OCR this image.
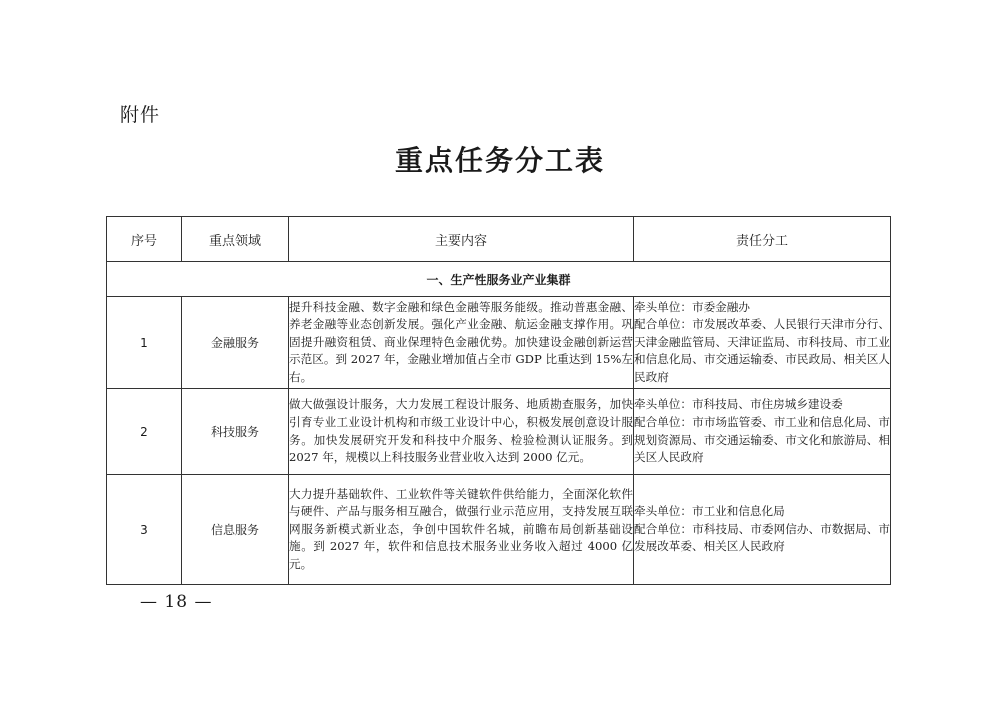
附件
重点任务分工表
序号	重点领域	主要内容	责任分工
一、生产性服务业产业集群			
1	金融服务	提升科技金融、数字金融和绿色金融等服务能级。推动普惠金融、养老金融等业态创新发展。强化产业金融、航运金融支撑作用。巩固提升融资租赁、商业保理特色金融优势。加快建设金融创新运营示范区。到 2027 年，金融业增加值占全市 GDP 比重达到 15%左右。	牵头单位：市委金融办

配合单位：市发展改革委、人民银行天津市分行、天津金融监管局、天津证监局、市科技局、市工业和信息化局、市交通运输委、市民政局、相关区人民政府

2	科技服务	做大做强设计服务，大力发展工程设计服务、地质勘查服务，加快引育专业工业设计机构和市级工业设计中心，积极发展创意设计服务。加快发展研究开发和科技中介服务、检验检测认证服务。到 2027 年，规模以上科技服务业营业收入达到 2000 亿元。	牵头单位：市科技局、市住房城乡建设委

配合单位：市市场监管委、市工业和信息化局、市规划资源局、市交通运输委、市文化和旅游局、相关区人民政府

3	信息服务	大力提升基础软件、工业软件等关键软件供给能力，全面深化软件与硬件、产品与服务相互融合，做强行业示范应用，支持发展互联网服务新模式新业态，争创中国软件名城，前瞻布局创新基础设施。到 2027 年，软件和信息技术服务业业务收入超过 4000 亿元。	牵头单位：市工业和信息化局

配合单位：市科技局、市委网信办、市数据局、市发展改革委、相关区人民政府

— 18 —
